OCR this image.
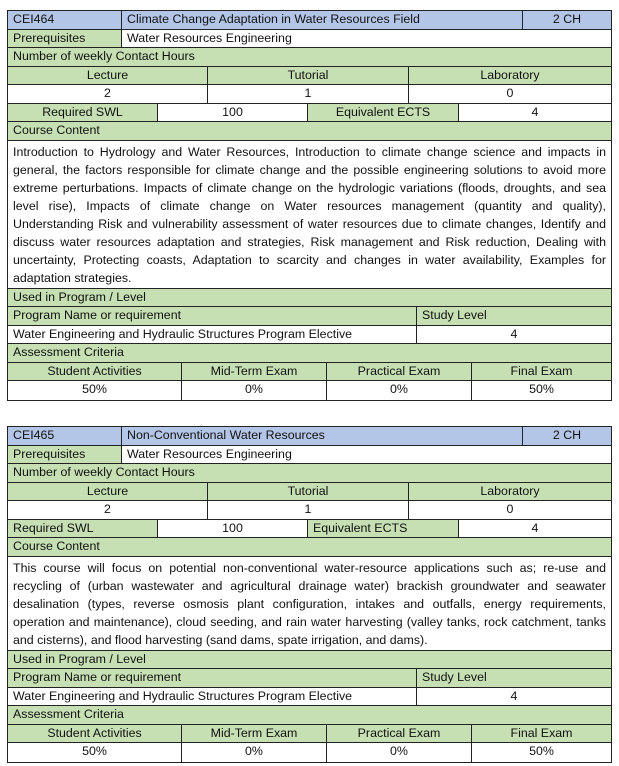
CEI464	Climate Change Adaptation in Water Resources Field	2 CH
Prerequisites	Water Resources Engineering
Number of weekly Contact Hours
Lecture	Tutorial	Laboratory
2	1	0
Required SWL	100	Equivalent ECTS	4
Course Content
Introduction to Hydrology and Water Resources, Introduction to climate change science and impacts in general, the factors responsible for climate change and the possible engineering solutions to avoid more extreme perturbations. Impacts of climate change on the hydrologic variations (floods, droughts, and sea level rise), Impacts of climate change on Water resources management (quantity and quality), Understanding Risk and vulnerability assessment of water resources due to climate changes, Identify and discuss water resources adaptation and strategies, Risk management and Risk reduction, Dealing with uncertainty, Protecting coasts, Adaptation to scarcity and changes in water availability, Examples for adaptation strategies.
Used in Program / Level
Program Name or requirement	Study Level
Water Engineering and Hydraulic Structures Program Elective	4
Assessment Criteria
Student Activities	Mid-Term Exam	Practical Exam	Final Exam
50%	0%	0%	50%
CEI465	Non-Conventional Water Resources	2 CH
Prerequisites	Water Resources Engineering
Number of weekly Contact Hours
Lecture	Tutorial	Laboratory
2	1	0
Required SWL	100	Equivalent ECTS	4
Course Content
This course will focus on potential non-conventional water-resource applications such as; re-use and recycling of (urban wastewater and agricultural drainage water) brackish groundwater and seawater desalination (types, reverse osmosis plant configuration, intakes and outfalls, energy requirements, operation and maintenance), cloud seeding, and rain water harvesting (valley tanks, rock catchment, tanks and cisterns), and flood harvesting (sand dams, spate irrigation, and dams).
Used in Program / Level
Program Name or requirement	Study Level
Water Engineering and Hydraulic Structures Program Elective	4
Assessment Criteria
Student Activities	Mid-Term Exam	Practical Exam	Final Exam
50%	0%	0%	50%
